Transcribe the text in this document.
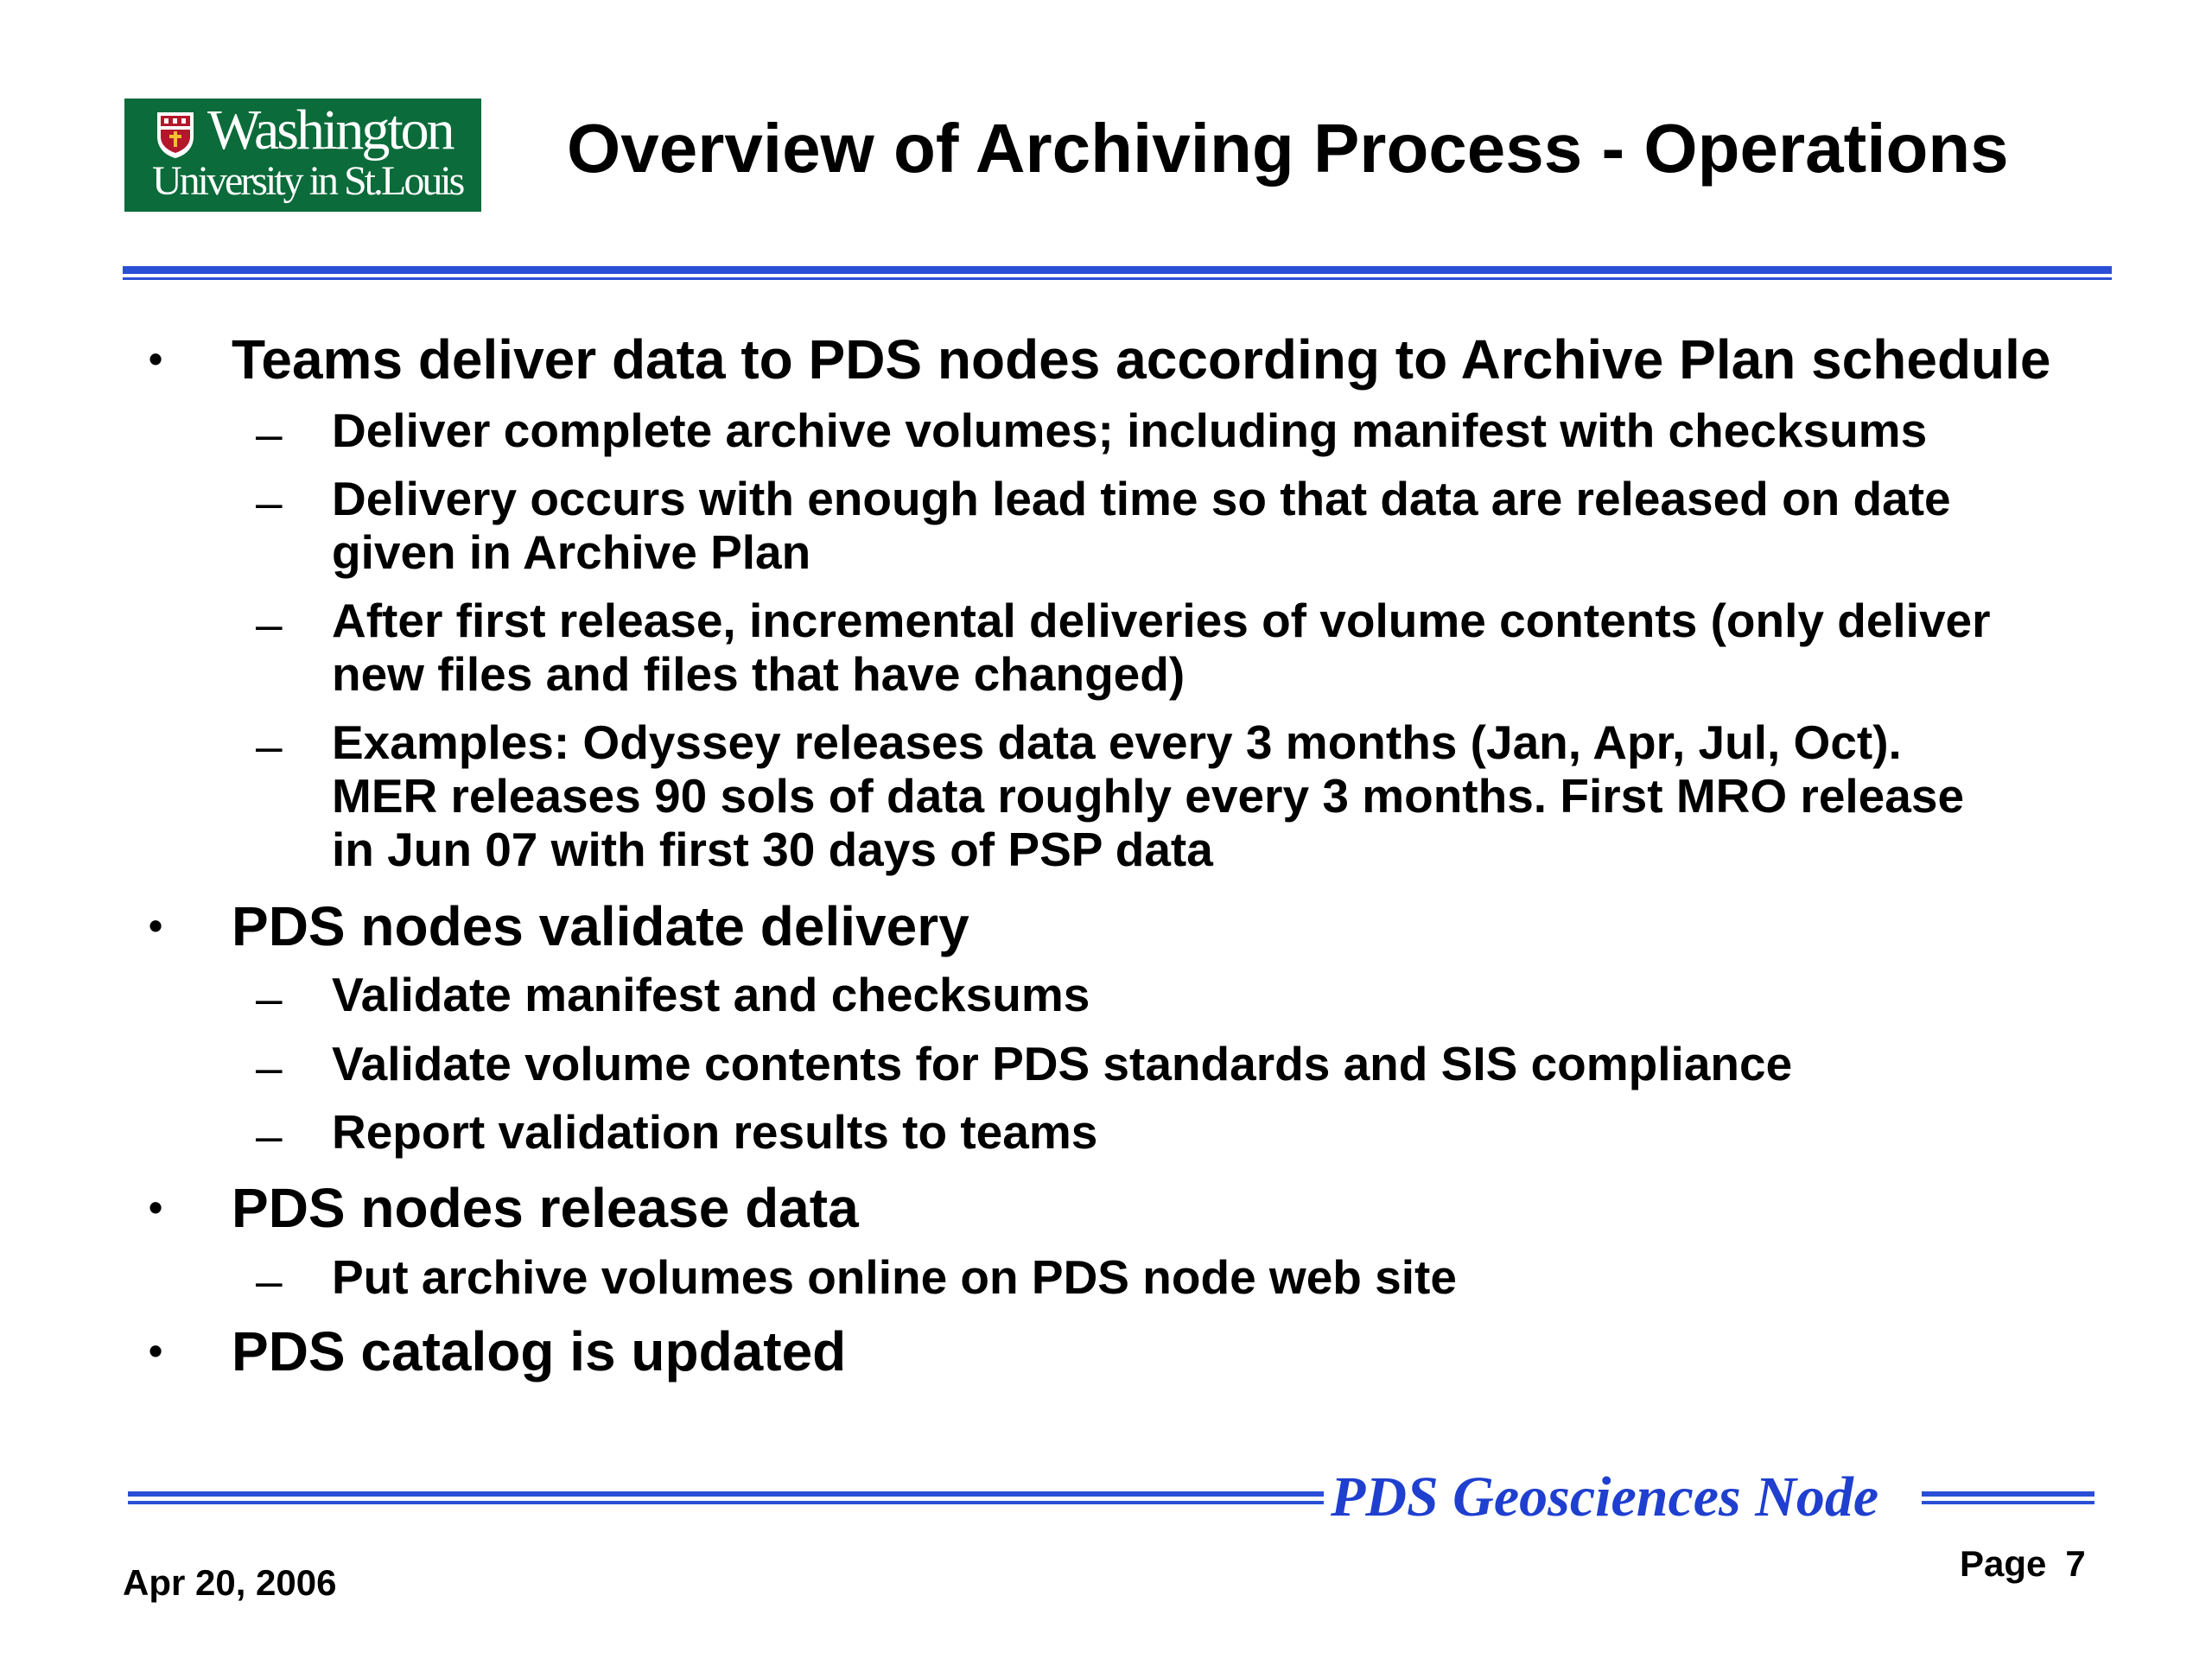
Washington
University in St.Louis Overview of Archiving Process - Operations
• Teams deliver data to PDS nodes according to Archive Plan schedule
– Deliver complete archive volumes; including manifest with checksums
– Delivery occurs with enough lead time so that data are released on date
given in Archive Plan
– After first release, incremental deliveries of volume contents (only deliver
new files and files that have changed)
– Examples: Odyssey releases data every 3 months (Jan, Apr, Jul, Oct).
MER releases 90 sols of data roughly every 3 months. First MRO release
in Jun 07 with first 30 days of PSP data
• PDS nodes validate delivery
– Validate manifest and checksums
– Validate volume contents for PDS standards and SIS compliance
– Report validation results to teams
• PDS nodes release data
– Put archive volumes online on PDS node web site
• PDS catalog is updated
PDS Geosciences Node
Apr 20, 2006	Page 7
